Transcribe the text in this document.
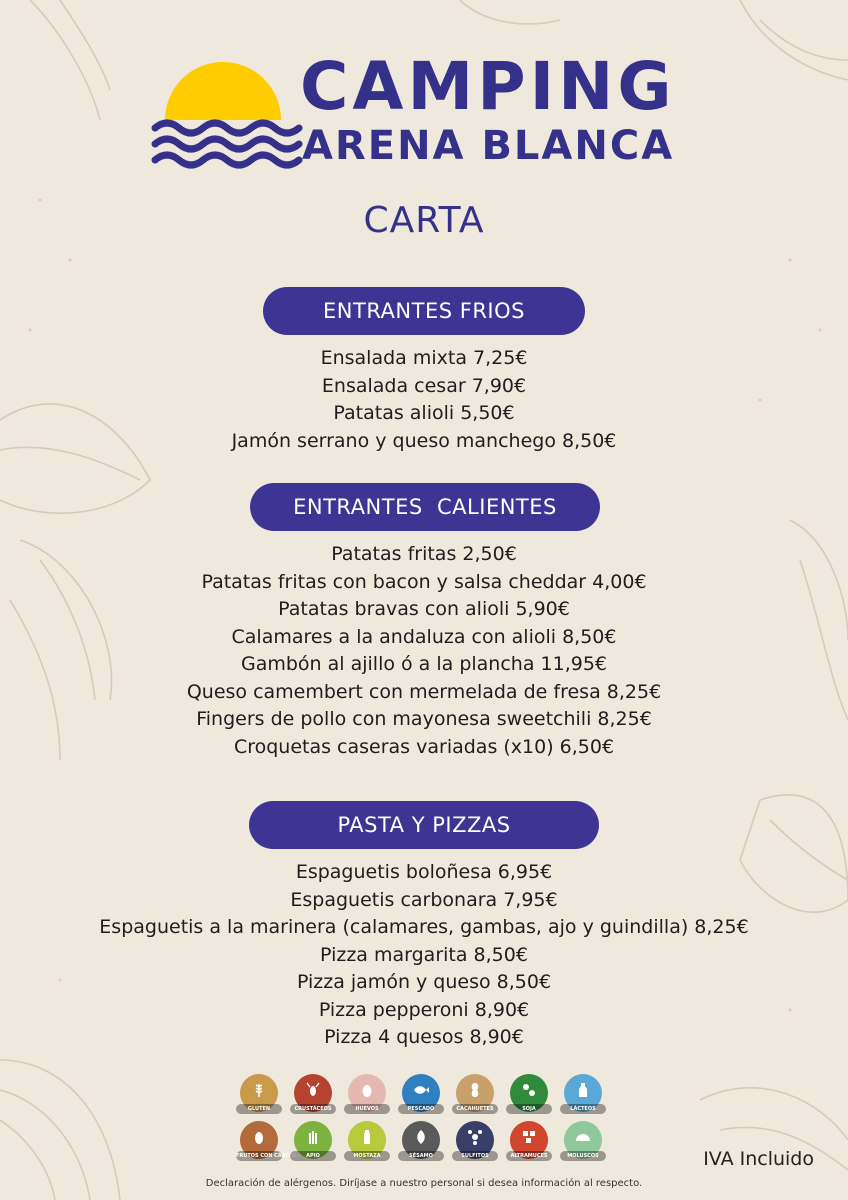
CAMPING
ARENA BLANCA
CARTA
ENTRANTES FRIOS
Ensalada mixta 7,25€
Ensalada cesar 7,90€
Patatas alioli 5,50€
Jamón serrano y queso manchego 8,50€
ENTRANTES  CALIENTES
Patatas fritas 2,50€
Patatas fritas con bacon y salsa cheddar 4,00€
Patatas bravas con alioli 5,90€
Calamares a la andaluza con alioli 8,50€
Gambón al ajillo ó a la plancha 11,95€
Queso camembert con mermelada de fresa 8,25€
Fingers de pollo con mayonesa sweetchili 8,25€
Croquetas caseras variadas (x10) 6,50€
PASTA Y PIZZAS
Espaguetis boloñesa 6,95€
Espaguetis carbonara 7,95€
Espaguetis a la marinera (calamares, gambas, ajo y guindilla) 8,25€
Pizza margarita 8,50€
Pizza jamón y queso 8,50€
Pizza pepperoni 8,90€
Pizza 4 quesos 8,90€
GLUTEN	CRUSTÁCEOS	HUEVOS	PESCADO	CACAHUETES	SOJA	LÁCTEOS
FRUTOS CON CÁSCARA	APIO	MOSTAZA	SÉSAMO	SULFITOS	ALTRAMUCES	MOLUSCOS
Declaración de alérgenos. Diríjase a nuestro personal si desea información al respecto.
IVA Incluido
